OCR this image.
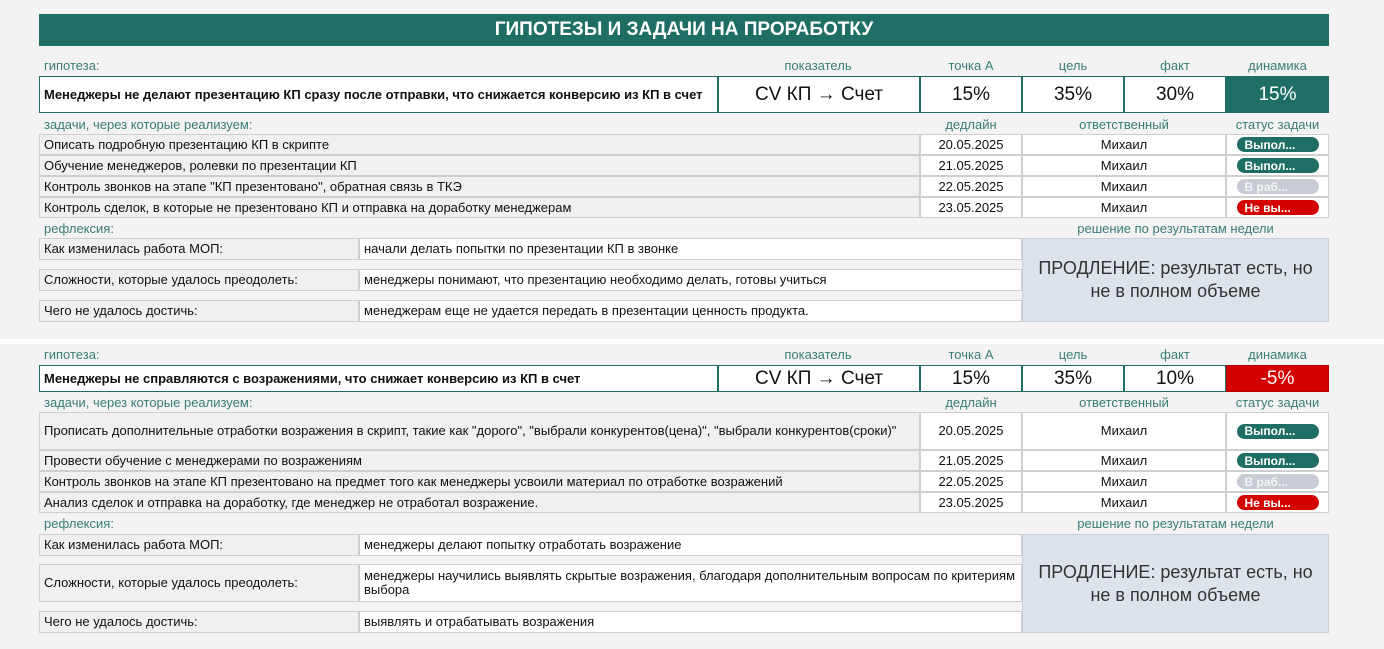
ГИПОТЕЗЫ И ЗАДАЧИ НА ПРОРАБОТКУ
гипотеза:	показатель	точка А	цель	факт	динамика
Менеджеры не делают презентацию КП сразу после отправки, что снижается конверсию из КП в счет	CV КП → Счет	15%	35%	30%	15%
задачи, через которые реализуем:	дедлайн	ответственный	статус задачи
Описать подробную презентацию КП в скрипте	20.05.2025	Михаил	Выпол...
Обучение менеджеров, ролевки по презентации КП	21.05.2025	Михаил	Выпол...
Контроль звонков на этапе "КП презентовано", обратная связь в ТКЭ	22.05.2025	Михаил	В раб...
Контроль сделок, в которые не презентовано КП и отправка на доработку менеджерам	23.05.2025	Михаил	Не вы...
рефлексия:	решение по результатам недели
Как изменилась работа МОП:	начали делать попытки по презентации КП в звонке
Сложности, которые удалось преодолеть:	менеджеры понимают, что презентацию необходимо делать, готовы учиться
Чего не удалось достичь:	менеджерам еще не удается передать в презентации ценность продукта.
ПРОДЛЕНИЕ: результат есть, но не в полном объеме
гипотеза:	показатель	точка А	цель	факт	динамика
Менеджеры не справляются с возражениями, что снижает конверсию из КП в счет	CV КП → Счет	15%	35%	10%	-5%
задачи, через которые реализуем:	дедлайн	ответственный	статус задачи
Прописать дополнительные отработки возражения в скрипт, такие как "дорого", "выбрали конкурентов(цена)", "выбрали конкурентов(сроки)"	20.05.2025	Михаил	Выпол...
Провести обучение с менеджерами по возражениям	21.05.2025	Михаил	Выпол...
Контроль звонков на этапе КП презентовано на предмет того как менеджеры усвоили материал по отработке возражений	22.05.2025	Михаил	В раб...
Анализ сделок и отправка на доработку, где менеджер не отработал возражение.	23.05.2025	Михаил	Не вы...
рефлексия:	решение по результатам недели
Как изменилась работа МОП:	менеджеры делают попытку отработать возражение
Сложности, которые удалось преодолеть:	менеджеры научились выявлять скрытые возражения, благодаря дополнительным вопросам по критериям выбора
Чего не удалось достичь:	выявлять и отрабатывать возражения
ПРОДЛЕНИЕ: результат есть, но не в полном объеме
